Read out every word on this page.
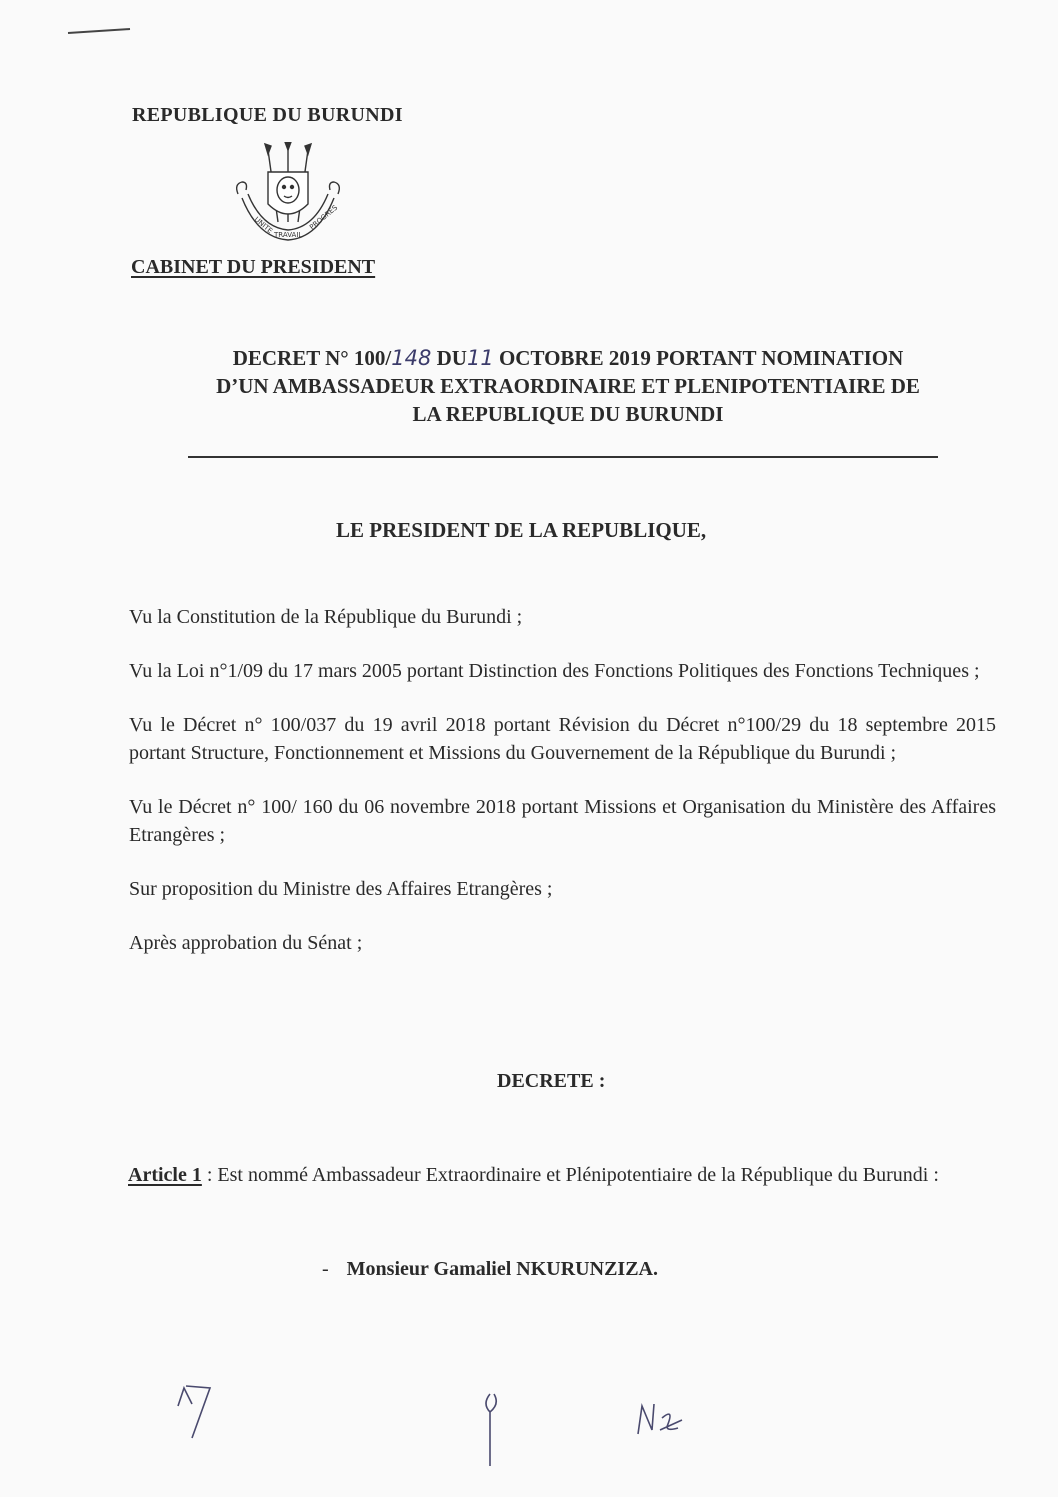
REPUBLIQUE DU BURUNDI
UNITE TRAVAIL
PROGRES
CABINET DU PRESIDENT
DECRET N° 100/148 DU11 OCTOBRE 2019 PORTANT NOMINATION
D’UN AMBASSADEUR EXTRAORDINAIRE ET PLENIPOTENTIAIRE DE
LA REPUBLIQUE DU BURUNDI
LE PRESIDENT DE LA REPUBLIQUE,

Vu la Constitution de la République du Burundi ;

Vu la Loi n°1/09 du 17 mars 2005 portant Distinction des Fonctions Politiques des Fonctions Techniques ;

Vu le Décret n° 100/037 du 19 avril 2018 portant Révision du Décret n°100/29 du 18 septembre 2015 portant Structure, Fonctionnement et Missions du Gouvernement de la République du Burundi ;

Vu le Décret n° 100/ 160 du 06 novembre 2018 portant Missions et Organisation du Ministère des Affaires Etrangères ;

Sur proposition du Ministre des Affaires Etrangères ;

Après approbation du Sénat ;

DECRETE :
Article 1 : Est nommé Ambassadeur Extraordinaire et Plénipotentiaire de la République du Burundi :
- Monsieur Gamaliel NKURUNZIZA.
